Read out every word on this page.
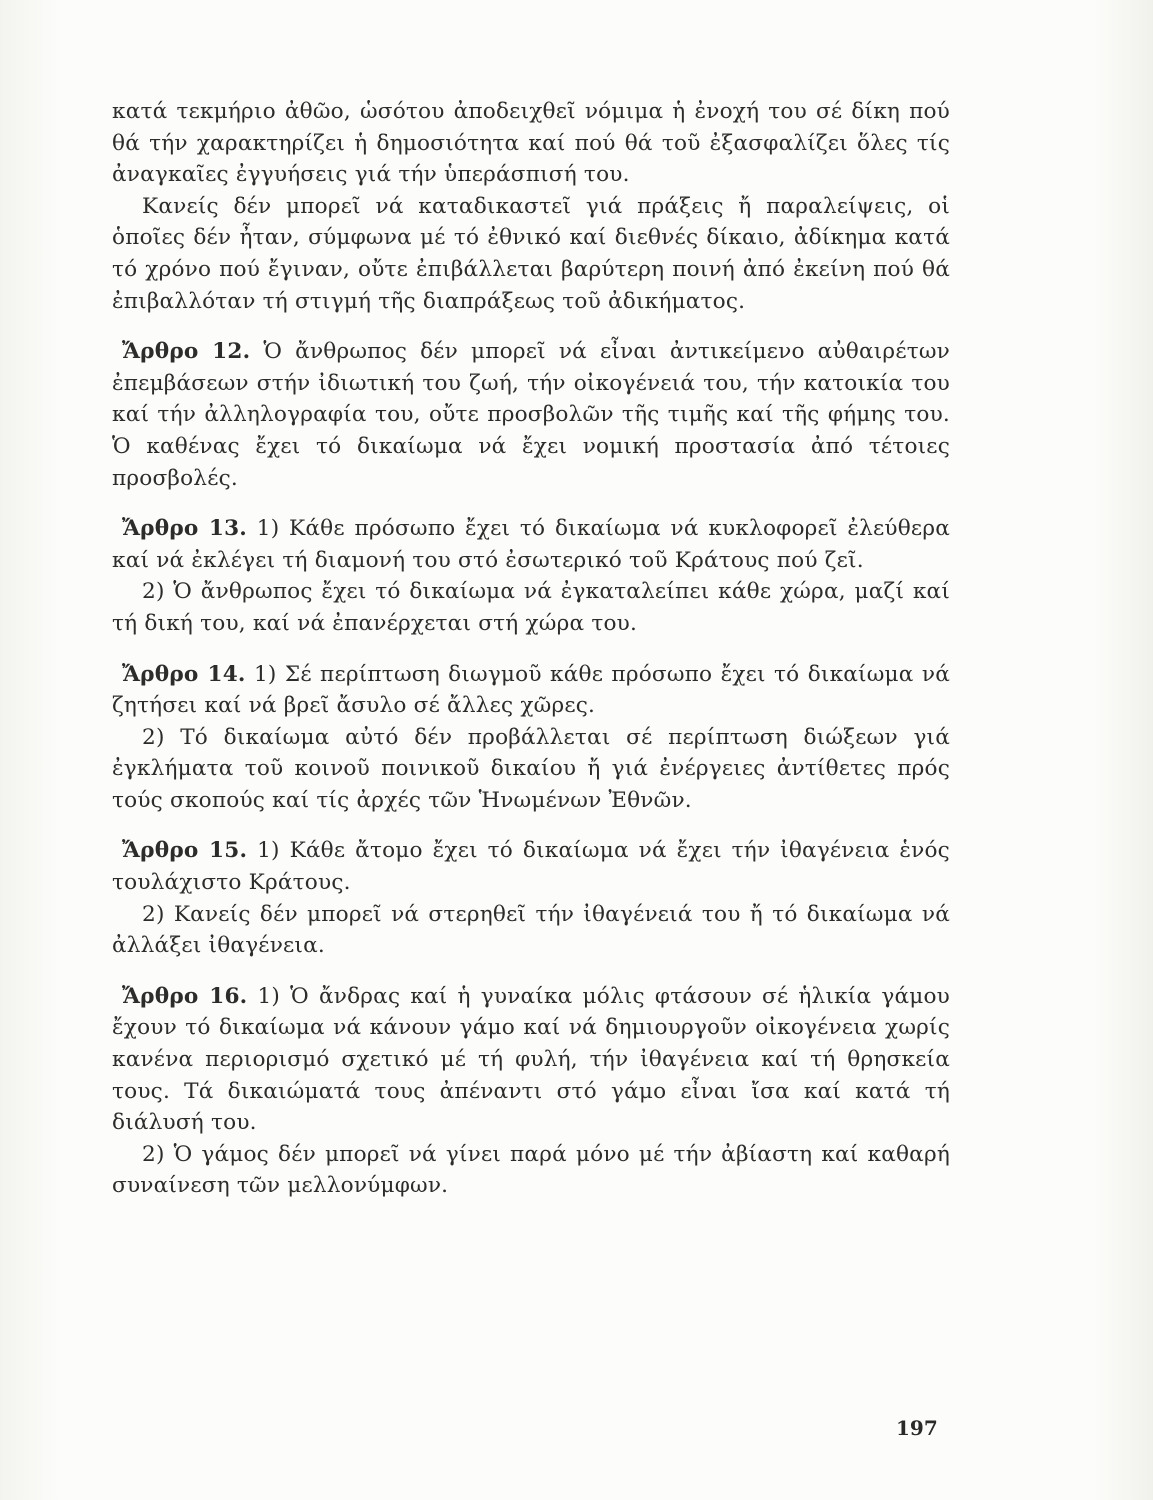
κατά τεκμήριο ἀθῶο, ὡσότου ἀποδειχθεῖ νόμιμα ἡ ἐνοχή του σέ δίκη πού θά τήν χαρακτηρίζει ἡ δημοσιότητα καί πού θά τοῦ ἐξασφαλίζει ὅλες τίς ἀναγκαῖες ἐγγυήσεις γιά τήν ὑπεράσπισή του.

Κανείς δέν μπορεῖ νά καταδικαστεῖ γιά πράξεις ἤ παραλείψεις, οἱ ὁποῖες δέν ἦταν, σύμφωνα μέ τό ἐθνικό καί διεθνές δίκαιο, ἀδίκημα κατά τό χρόνο πού ἔγιναν, οὔτε ἐπιβάλλεται βαρύτερη ποινή ἀπό ἐκείνη πού θά ἐπιβαλλόταν τή στιγμή τῆς διαπράξεως τοῦ ἀδικήματος.

Ἄρθρο 12. Ὁ ἄνθρωπος δέν μπορεῖ νά εἶναι ἀντικείμενο αὐθαιρέτων ἐπεμβάσεων στήν ἰδιωτική του ζωή, τήν οἰκογένειά του, τήν κατοικία του καί τήν ἀλληλογραφία του, οὔτε προσβολῶν τῆς τιμῆς καί τῆς φήμης του. Ὁ καθένας ἔχει τό δικαίωμα νά ἔχει νομική προστασία ἀπό τέτοιες προσβολές.

Ἄρθρο 13. 1) Κάθε πρόσωπο ἔχει τό δικαίωμα νά κυκλοφορεῖ ἐλεύθερα καί νά ἐκλέγει τή διαμονή του στό ἐσωτερικό τοῦ Κράτους πού ζεῖ.

2) Ὁ ἄνθρωπος ἔχει τό δικαίωμα νά ἐγκαταλείπει κάθε χώρα, μαζί καί τή δική του, καί νά ἐπανέρχεται στή χώρα του.

Ἄρθρο 14. 1) Σέ περίπτωση διωγμοῦ κάθε πρόσωπο ἔχει τό δικαίωμα νά ζητήσει καί νά βρεῖ ἄσυλο σέ ἄλλες χῶρες.

2) Τό δικαίωμα αὐτό δέν προβάλλεται σέ περίπτωση διώξεων γιά ἐγκλήματα τοῦ κοινοῦ ποινικοῦ δικαίου ἤ γιά ἐνέργειες ἀντίθετες πρός τούς σκοπούς καί τίς ἀρχές τῶν Ἡνωμένων Ἐθνῶν.

Ἄρθρο 15. 1) Κάθε ἄτομο ἔχει τό δικαίωμα νά ἔχει τήν ἰθαγένεια ἑνός τουλάχιστο Κράτους.

2) Κανείς δέν μπορεῖ νά στερηθεῖ τήν ἰθαγένειά του ἤ τό δικαίωμα νά ἀλλάξει ἰθαγένεια.

Ἄρθρο 16. 1) Ὁ ἄνδρας καί ἡ γυναίκα μόλις φτάσουν σέ ἡλικία γάμου ἔχουν τό δικαίωμα νά κάνουν γάμο καί νά δημιουργοῦν οἰκογένεια χωρίς κανένα περιορισμό σχετικό μέ τή φυλή, τήν ἰθαγένεια καί τή θρησκεία τους. Τά δικαιώματά τους ἀπέναντι στό γάμο εἶναι ἴσα καί κατά τή διάλυσή του.

2) Ὁ γάμος δέν μπορεῖ νά γίνει παρά μόνο μέ τήν ἀβίαστη καί καθαρή συναίνεση τῶν μελλονύμφων.

197
